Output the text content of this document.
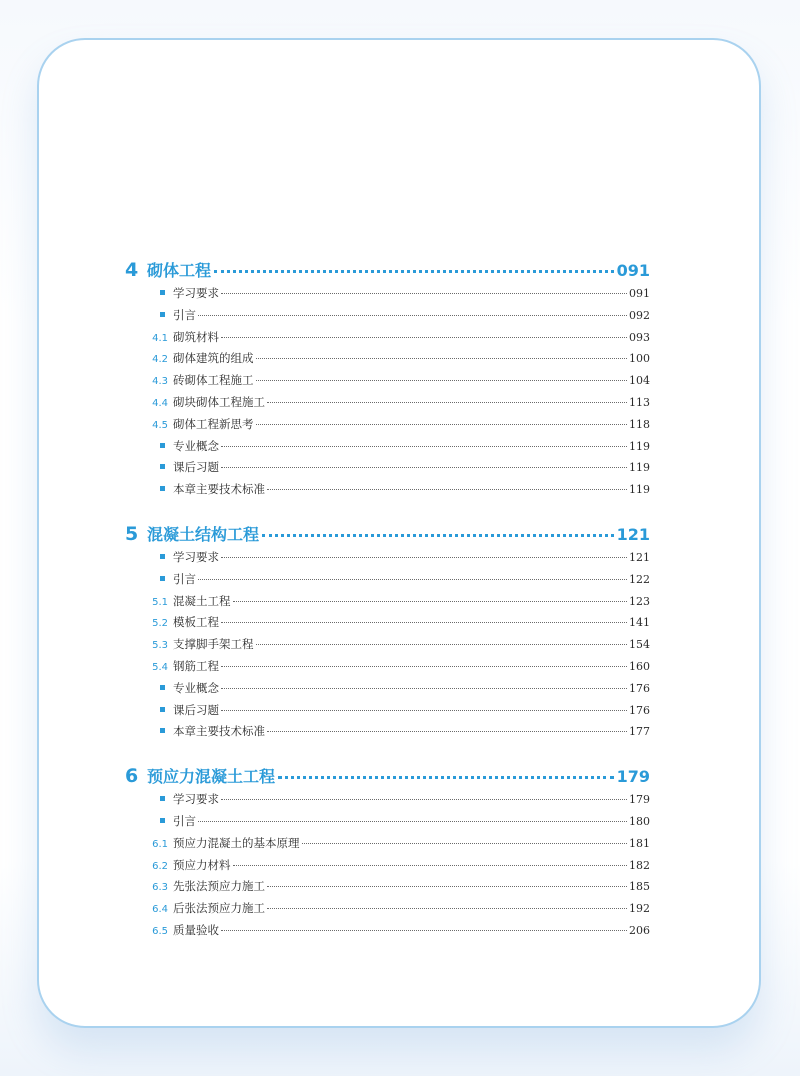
4 砌体工程	091
学习要求	091
引言	092
4.1 砌筑材料	093
4.2 砌体建筑的组成	100
4.3 砖砌体工程施工	104
4.4 砌块砌体工程施工	113
4.5 砌体工程新思考	118
专业概念	119
课后习题	119
本章主要技术标准	119
5 混凝土结构工程	121
学习要求	121
引言	122
5.1 混凝土工程	123
5.2 模板工程	141
5.3 支撑脚手架工程	154
5.4 钢筋工程	160
专业概念	176
课后习题	176
本章主要技术标准	177
6 预应力混凝土工程	179
学习要求	179
引言	180
6.1 预应力混凝土的基本原理	181
6.2 预应力材料	182
6.3 先张法预应力施工	185
6.4 后张法预应力施工	192
6.5 质量验收	206
